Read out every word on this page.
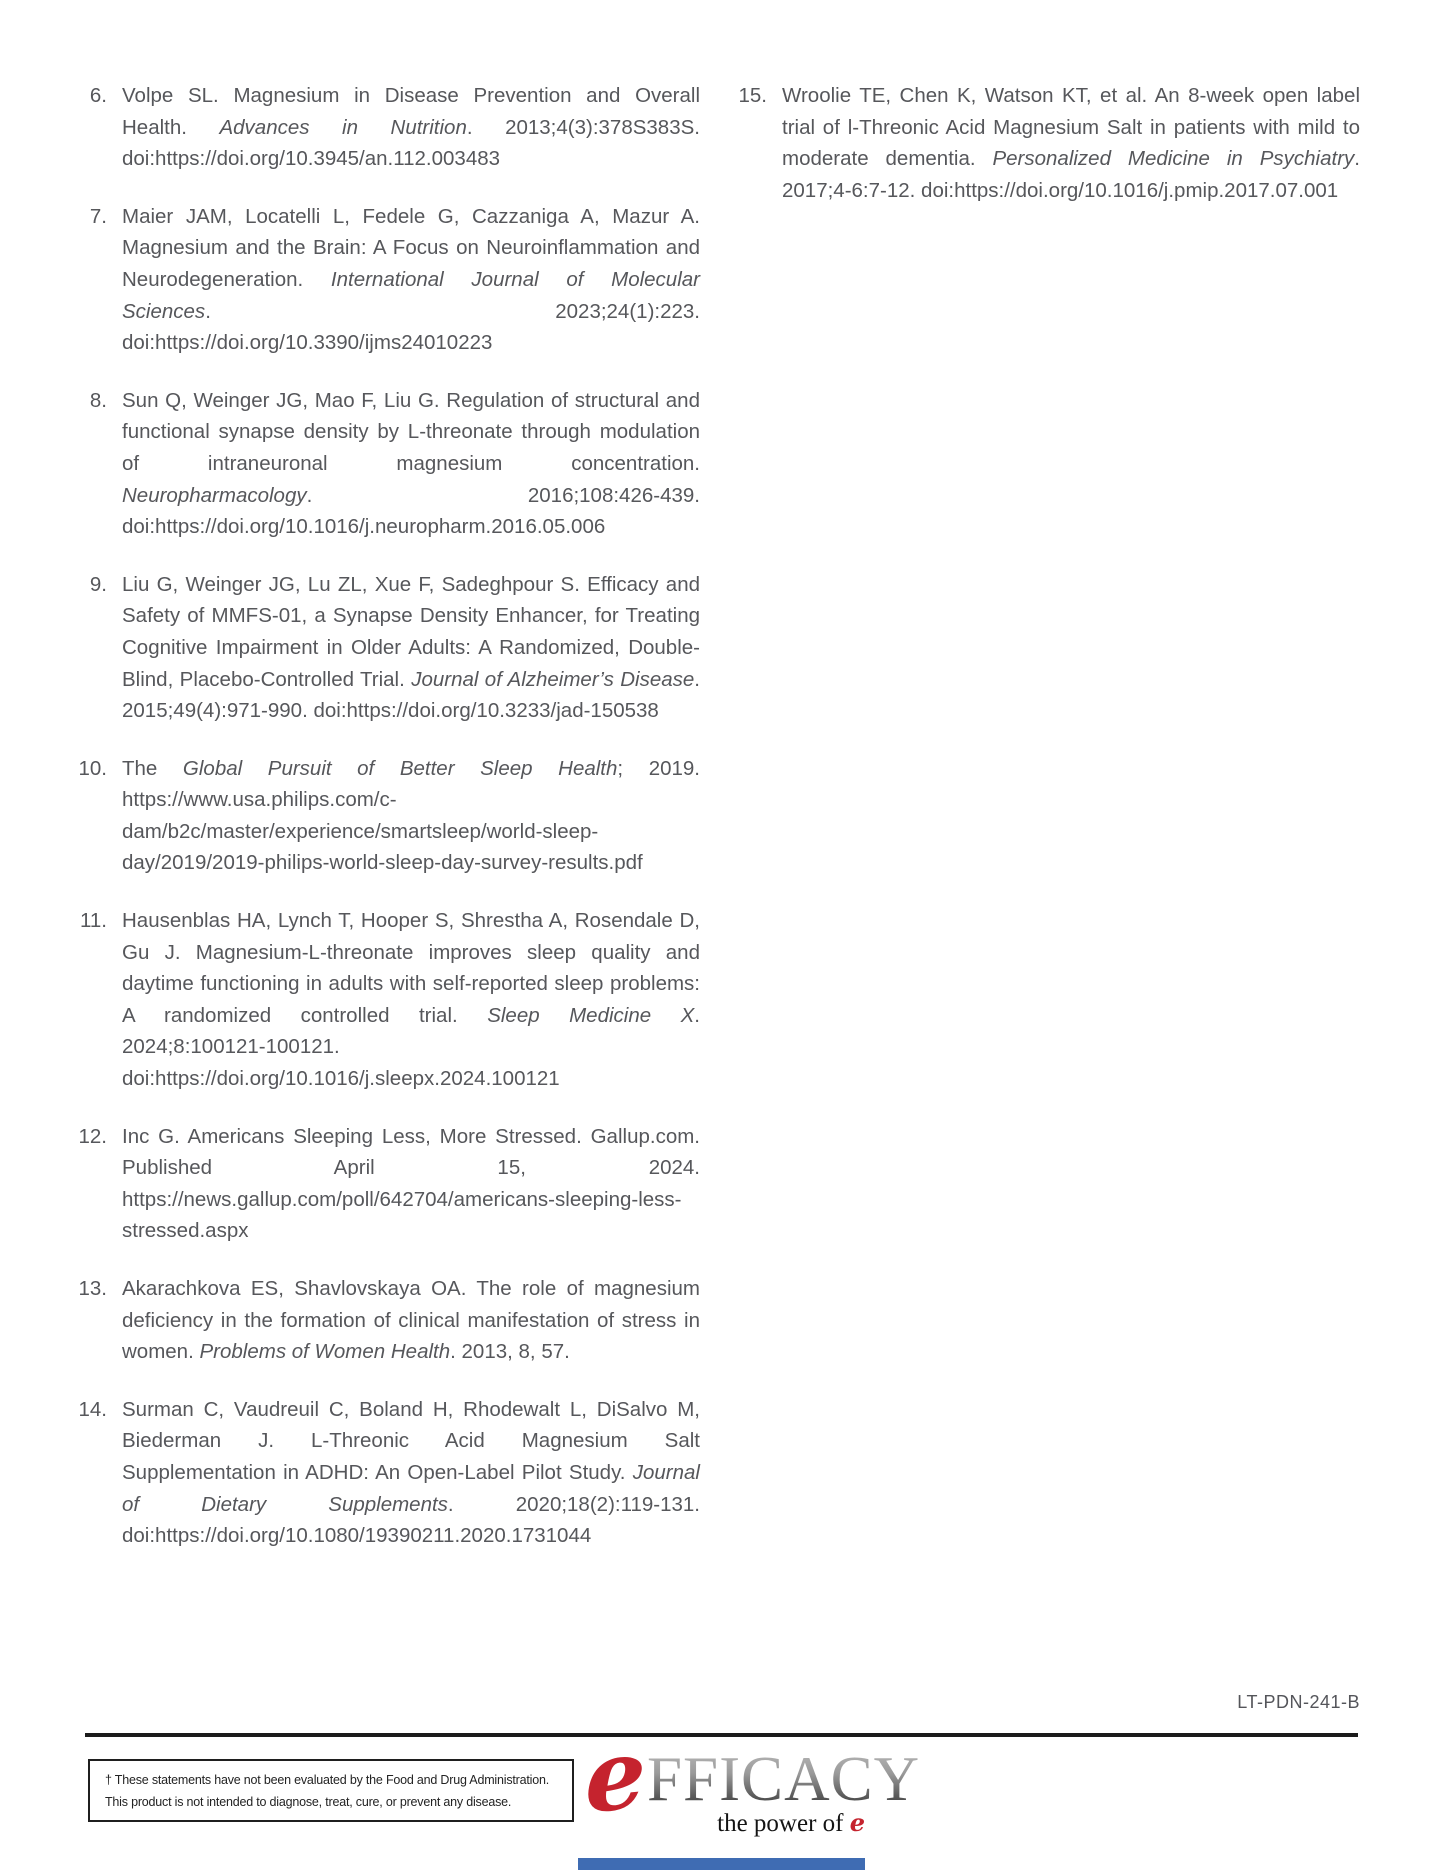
6. Volpe SL. Magnesium in Disease Prevention and Overall Health. Advances in Nutrition. 2013;4(3):378S383S. doi:https://doi.org/10.3945/an.112.003483
7. Maier JAM, Locatelli L, Fedele G, Cazzaniga A, Mazur A. Magnesium and the Brain: A Focus on Neuroinflammation and Neurodegeneration. International Journal of Molecular Sciences. 2023;24(1):223. doi:https://doi.org/10.3390/ijms24010223
8. Sun Q, Weinger JG, Mao F, Liu G. Regulation of structural and functional synapse density by L-threonate through modulation of intraneuronal magnesium concentration. Neuropharmacology. 2016;108:426-439. doi:https://doi.org/10.1016/j.neuropharm.2016.05.006
9. Liu G, Weinger JG, Lu ZL, Xue F, Sadeghpour S. Efficacy and Safety of MMFS-01, a Synapse Density Enhancer, for Treating Cognitive Impairment in Older Adults: A Randomized, Double-Blind, Placebo-Controlled Trial. Journal of Alzheimer’s Disease. 2015;49(4):971-990. doi:https://doi.org/10.3233/jad-150538
10. The Global Pursuit of Better Sleep Health; 2019. https://www.usa.philips.com/c-dam/b2c/master/experience/smartsleep/world-sleep-day/2019/2019-philips-world-sleep-day-survey-results.pdf
11. Hausenblas HA, Lynch T, Hooper S, Shrestha A, Rosendale D, Gu J. Magnesium-L-threonate improves sleep quality and daytime functioning in adults with self-reported sleep problems: A randomized controlled trial. Sleep Medicine X. 2024;8:100121-100121. doi:https://doi.org/10.1016/j.sleepx.2024.100121
12. Inc G. Americans Sleeping Less, More Stressed. Gallup.com. Published April 15, 2024. https://news.gallup.com/poll/642704/americans-sleeping-less-stressed.aspx
13. Akarachkova ES, Shavlovskaya OA. The role of magnesium deficiency in the formation of clinical manifestation of stress in women. Problems of Women Health. 2013, 8, 57.
14. Surman C, Vaudreuil C, Boland H, Rhodewalt L, DiSalvo M, Biederman J. L-Threonic Acid Magnesium Salt Supplementation in ADHD: An Open-Label Pilot Study. Journal of Dietary Supplements. 2020;18(2):119-131. doi:https://doi.org/10.1080/19390211.2020.1731044
15. Wroolie TE, Chen K, Watson KT, et al. An 8-week open label trial of l-Threonic Acid Magnesium Salt in patients with mild to moderate dementia. Personalized Medicine in Psychiatry. 2017;4-6:7-12. doi:https://doi.org/10.1016/j.pmip.2017.07.001
LT-PDN-241-B
† These statements have not been evaluated by the Food and Drug Administration.
This product is not intended to diagnose, treat, cure, or prevent any disease. e FFICACY
the power of e
